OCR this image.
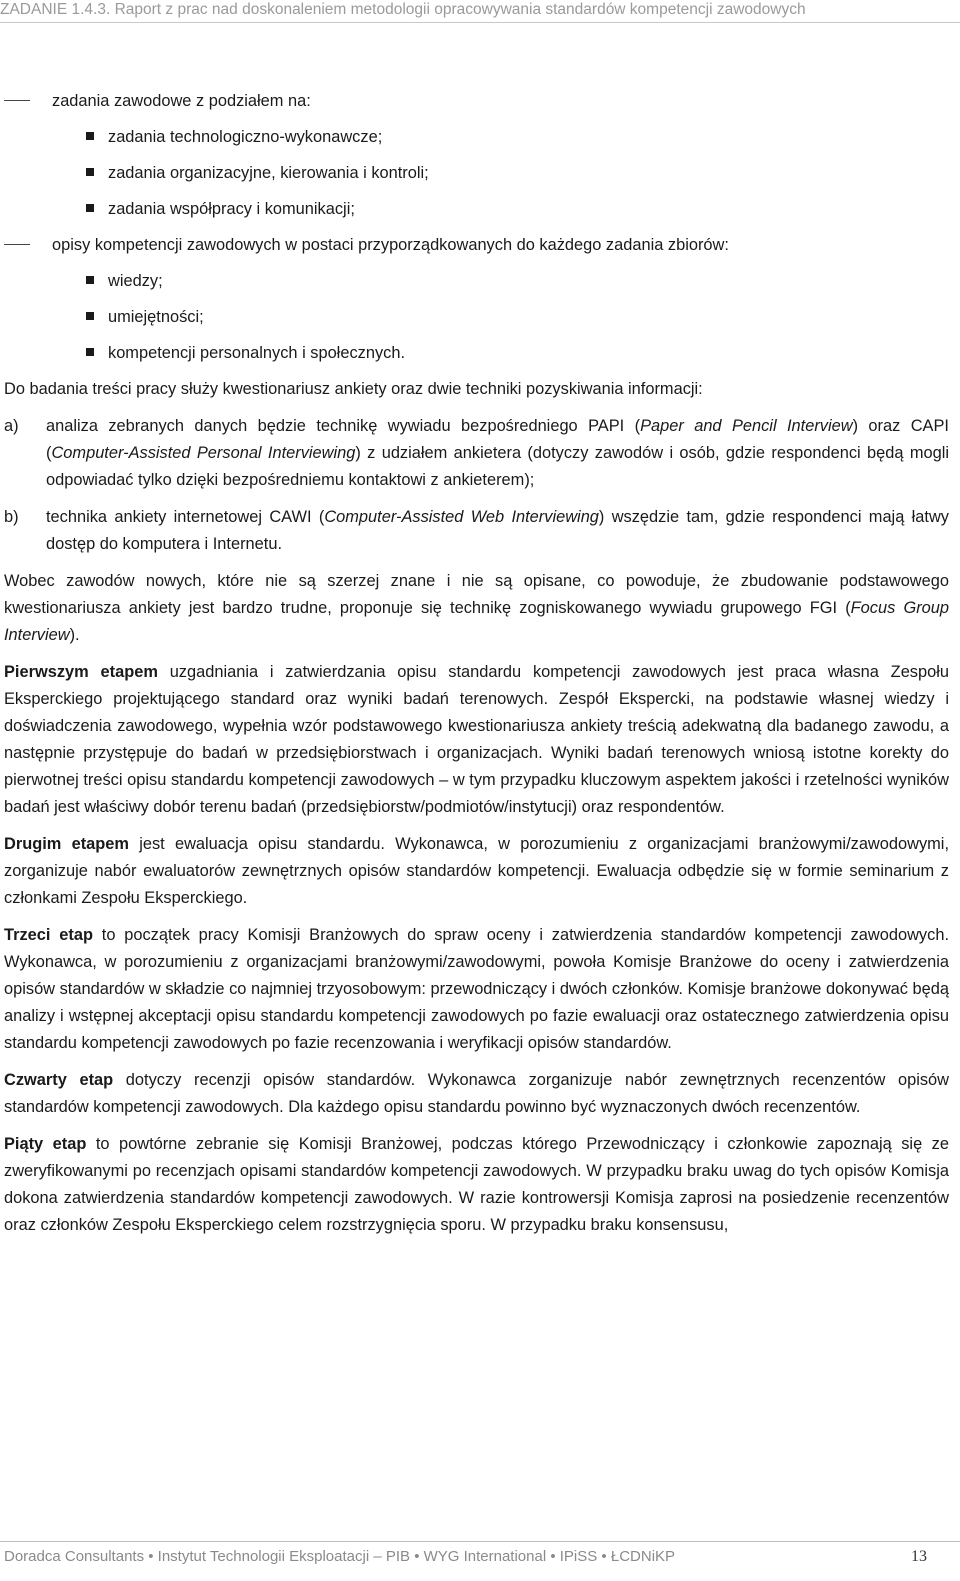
ZADANIE 1.4.3. Raport z prac nad doskonaleniem metodologii opracowywania standardów kompetencji zawodowych
zadania zawodowe z podziałem na:
zadania technologiczno-wykonawcze;
zadania organizacyjne, kierowania i kontroli;
zadania współpracy i komunikacji;
opisy kompetencji zawodowych w postaci przyporządkowanych do każdego zadania zbiorów:
wiedzy;
umiejętności;
kompetencji personalnych i społecznych.

Do badania treści pracy służy kwestionariusz ankiety oraz dwie techniki pozyskiwania informacji:

a) analiza zebranych danych będzie technikę wywiadu bezpośredniego PAPI (Paper and Pencil Interview) oraz CAPI (Computer-Assisted Personal Interviewing) z udziałem ankietera (dotyczy zawodów i osób, gdzie respondenci będą mogli odpowiadać tylko dzięki bezpośredniemu kontaktowi z ankieterem);
b) technika ankiety internetowej CAWI (Computer-Assisted Web Interviewing) wszędzie tam, gdzie respondenci mają łatwy dostęp do komputera i Internetu.

Wobec zawodów nowych, które nie są szerzej znane i nie są opisane, co powoduje, że zbudowanie podstawowego kwestionariusza ankiety jest bardzo trudne, proponuje się technikę zogniskowanego wywiadu grupowego FGI (Focus Group Interview).

Pierwszym etapem uzgadniania i zatwierdzania opisu standardu kompetencji zawodowych jest praca własna Zespołu Eksperckiego projektującego standard oraz wyniki badań terenowych. Zespół Ekspercki, na podstawie własnej wiedzy i doświadczenia zawodowego, wypełnia wzór podstawowego kwestionariusza ankiety treścią adekwatną dla badanego zawodu, a następnie przystępuje do badań w przedsiębiorstwach i organizacjach. Wyniki badań terenowych wniosą istotne korekty do pierwotnej treści opisu standardu kompetencji zawodowych – w tym przypadku kluczowym aspektem jakości i rzetelności wyników badań jest właściwy dobór terenu badań (przedsiębiorstw/podmiotów/instytucji) oraz respondentów.

Drugim etapem jest ewaluacja opisu standardu. Wykonawca, w porozumieniu z organizacjami branżowymi/zawodowymi, zorganizuje nabór ewaluatorów zewnętrznych opisów standardów kompetencji. Ewaluacja odbędzie się w formie seminarium z członkami Zespołu Eksperckiego.

Trzeci etap to początek pracy Komisji Branżowych do spraw oceny i zatwierdzenia standardów kompetencji zawodowych. Wykonawca, w porozumieniu z organizacjami branżowymi/zawodowymi, powoła Komisje Branżowe do oceny i zatwierdzenia opisów standardów w składzie co najmniej trzyosobowym: przewodniczący i dwóch członków. Komisje branżowe dokonywać będą analizy i wstępnej akceptacji opisu standardu kompetencji zawodowych po fazie ewaluacji oraz ostatecznego zatwierdzenia opisu standardu kompetencji zawodowych po fazie recenzowania i weryfikacji opisów standardów.

Czwarty etap dotyczy recenzji opisów standardów. Wykonawca zorganizuje nabór zewnętrznych recenzentów opisów standardów kompetencji zawodowych. Dla każdego opisu standardu powinno być wyznaczonych dwóch recenzentów.

Piąty etap to powtórne zebranie się Komisji Branżowej, podczas którego Przewodniczący i członkowie zapoznają się ze zweryfikowanymi po recenzjach opisami standardów kompetencji zawodowych. W przypadku braku uwag do tych opisów Komisja dokona zatwierdzenia standardów kompetencji zawodowych. W razie kontrowersji Komisja zaprosi na posiedzenie recenzentów oraz członków Zespołu Eksperckiego celem rozstrzygnięcia sporu. W przypadku braku konsensusu,

Doradca Consultants • Instytut Technologii Eksploatacji – PIB • WYG International • IPiSS • ŁCDNiKP	13
